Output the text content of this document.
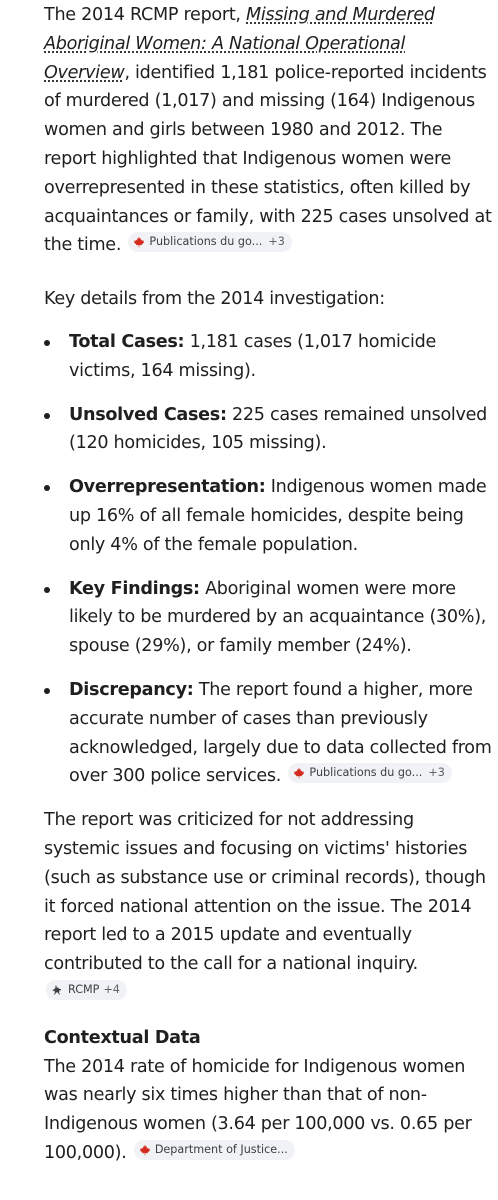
The 2014 RCMP report, Missing and Murdered Aboriginal Women: A National Operational Overview, identified 1,181 police-reported incidents of murdered (1,017) and missing (164) Indigenous women and girls between 1980 and 2012. The report highlighted that Indigenous women were overrepresented in these statistics, often killed by acquaintances or family, with 225 cases unsolved at the time.	Publications du go... +3

Key details from the 2014 investigation:

Total Cases: 1,181 cases (1,017 homicide victims, 164 missing).
Unsolved Cases: 225 cases remained unsolved (120 homicides, 105 missing).
Overrepresentation: Indigenous women made up 16% of all female homicides, despite being only 4% of the female population.
Key Findings: Aboriginal women were more likely to be murdered by an acquaintance (30%), spouse (29%), or family member (24%).
Discrepancy: The report found a higher, more accurate number of cases than previously acknowledged, largely due to data collected from over 300 police services.	Publications du go... +3

The report was criticized for not addressing systemic issues and focusing on victims' histories (such as substance use or criminal records), though it forced national attention on the issue. The 2014 report led to a 2015 update and eventually contributed to the call for a national inquiry.
RCMP +4

Contextual Data

The 2014 rate of homicide for Indigenous women was nearly six times higher than that of non-Indigenous women (3.64 per 100,000 vs. 0.65 per 100,000).	Department of Justice...
